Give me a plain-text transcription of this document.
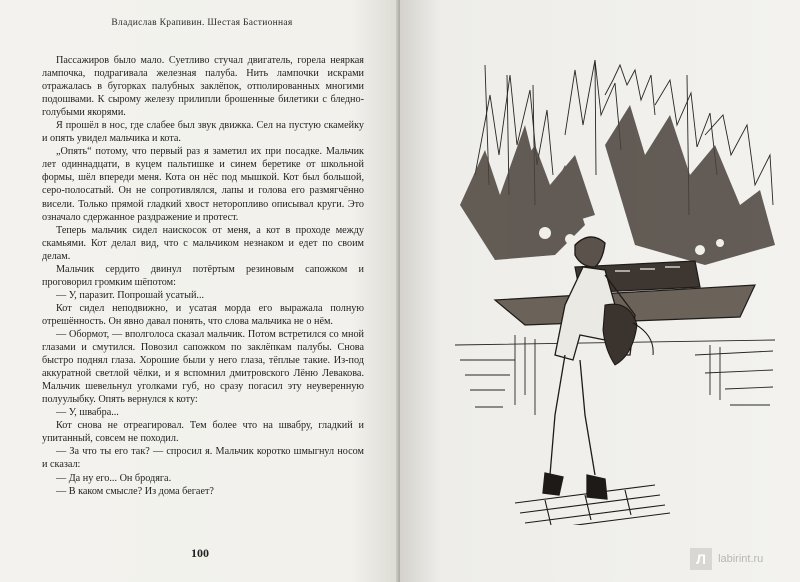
Владислав Крапивин. Шестая Бастионная

Пассажиров было мало. Суетливо стучал двигатель, горела неяркая лампочка, подрагивала железная палуба. Нить лампочки искрами отражалась в бугорках палубных заклёпок, отполированных многими подошвами. К сырому железу прилипли брошенные билетики с бледно-голубыми якорями.

Я прошёл в нос, где слабее был звук движка. Сел на пустую скамейку и опять увидел мальчика и кота.

„Опять“ потому, что первый раз я заметил их при посадке. Мальчик лет одиннадцати, в куцем пальтишке и синем беретике от школьной формы, шёл впереди меня. Кота он нёс под мышкой. Кот был большой, серо-полосатый. Он не сопротивлялся, лапы и голова его размягчённо висели. Только прямой гладкий хвост неторопливо описывал круги. Это означало сдержанное раздражение и протест.

Теперь мальчик сидел наискосок от меня, а кот в проходе между скамьями. Кот делал вид, что с мальчиком незнаком и едет по своим делам.

Мальчик сердито двинул потёртым резиновым сапожком и проговорил громким шёпотом:

— У, паразит. Попрошай усатый...

Кот сидел неподвижно, и усатая морда его выражала полную отрешённость. Он явно давал понять, что слова мальчика не о нём.

— Обормот, — вполголоса сказал мальчик. Потом встретился со мной глазами и смутился. Повозил сапожком по заклёпкам палубы. Снова быстро поднял глаза. Хорошие были у него глаза, тёплые такие. Из-под аккуратной светлой чёлки, и я вспомнил дмитровского Лёню Левакова. Мальчик шевельнул уголками губ, но сразу погасил эту неуверенную полуулыбку. Опять вернулся к коту:

— У, швабра...

Кот снова не отреагировал. Тем более что на швабру, гладкий и упитанный, совсем не походил.

— За что ты его так? — спросил я. Мальчик коротко шмыгнул носом и сказал:

— Да ну его... Он бродяга.

— В каком смысле? Из дома бегает?

100	Л labirint.ru
